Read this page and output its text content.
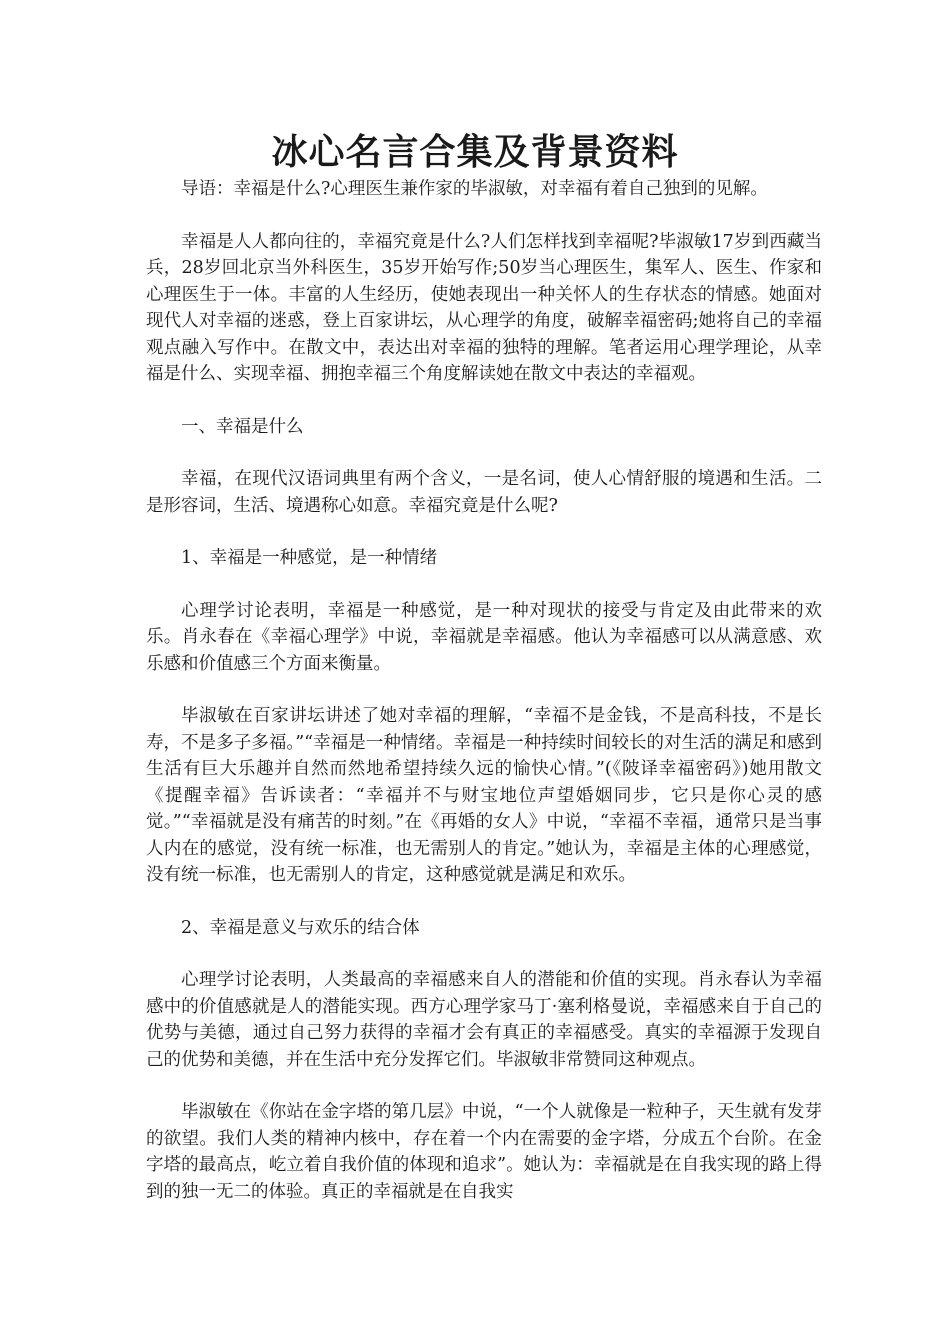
冰心名言合集及背景资料

导语：幸福是什么?心理医生兼作家的毕淑敏，对幸福有着自己独到的见解。

幸福是人人都向往的，幸福究竟是什么?人们怎样找到幸福呢?毕淑敏17岁到西藏当兵，28岁回北京当外科医生，35岁开始写作;50岁当心理医生，集军人、医生、作家和心理医生于一体。丰富的人生经历，使她表现出一种关怀人的生存状态的情感。她面对现代人对幸福的迷惑，登上百家讲坛，从心理学的角度，破解幸福密码;她将自己的幸福观点融入写作中。在散文中，表达出对幸福的独特的理解。笔者运用心理学理论，从幸福是什么、实现幸福、拥抱幸福三个角度解读她在散文中表达的幸福观。

一、幸福是什么

幸福，在现代汉语词典里有两个含义，一是名词，使人心情舒服的境遇和生活。二是形容词，生活、境遇称心如意。幸福究竟是什么呢?

1、幸福是一种感觉，是一种情绪

心理学讨论表明，幸福是一种感觉，是一种对现状的接受与肯定及由此带来的欢乐。肖永春在《幸福心理学》中说，幸福就是幸福感。他认为幸福感可以从满意感、欢乐感和价值感三个方面来衡量。

毕淑敏在百家讲坛讲述了她对幸福的理解，“幸福不是金钱，不是高科技，不是长寿，不是多子多福。”“幸福是一种情绪。幸福是一种持续时间较长的对生活的满足和感到生活有巨大乐趣并自然而然地希望持续久远的愉快心情。”(《陂译幸福密码》)她用散文《提醒幸福》告诉读者：“幸福并不与财宝地位声望婚姻同步，它只是你心灵的感觉。”“幸福就是没有痛苦的时刻。”在《再婚的女人》中说，“幸福不幸福，通常只是当事人内在的感觉，没有统一标准，也无需别人的肯定。”她认为，幸福是主体的心理感觉，没有统一标准，也无需别人的肯定，这种感觉就是满足和欢乐。

2、幸福是意义与欢乐的结合体

心理学讨论表明，人类最高的幸福感来自人的潜能和价值的实现。肖永春认为幸福感中的价值感就是人的潜能实现。西方心理学家马丁·塞利格曼说，幸福感来自于自己的优势与美德，通过自己努力获得的幸福才会有真正的幸福感受。真实的幸福源于发现自己的优势和美德，并在生活中充分发挥它们。毕淑敏非常赞同这种观点。

毕淑敏在《你站在金字塔的第几层》中说，“一个人就像是一粒种子，天生就有发芽的欲望。我们人类的精神内核中，存在着一个内在需要的金字塔，分成五个台阶。在金字塔的最高点，屹立着自我价值的体现和追求”。她认为：幸福就是在自我实现的路上得到的独一无二的体验。真正的幸福就是在自我实
